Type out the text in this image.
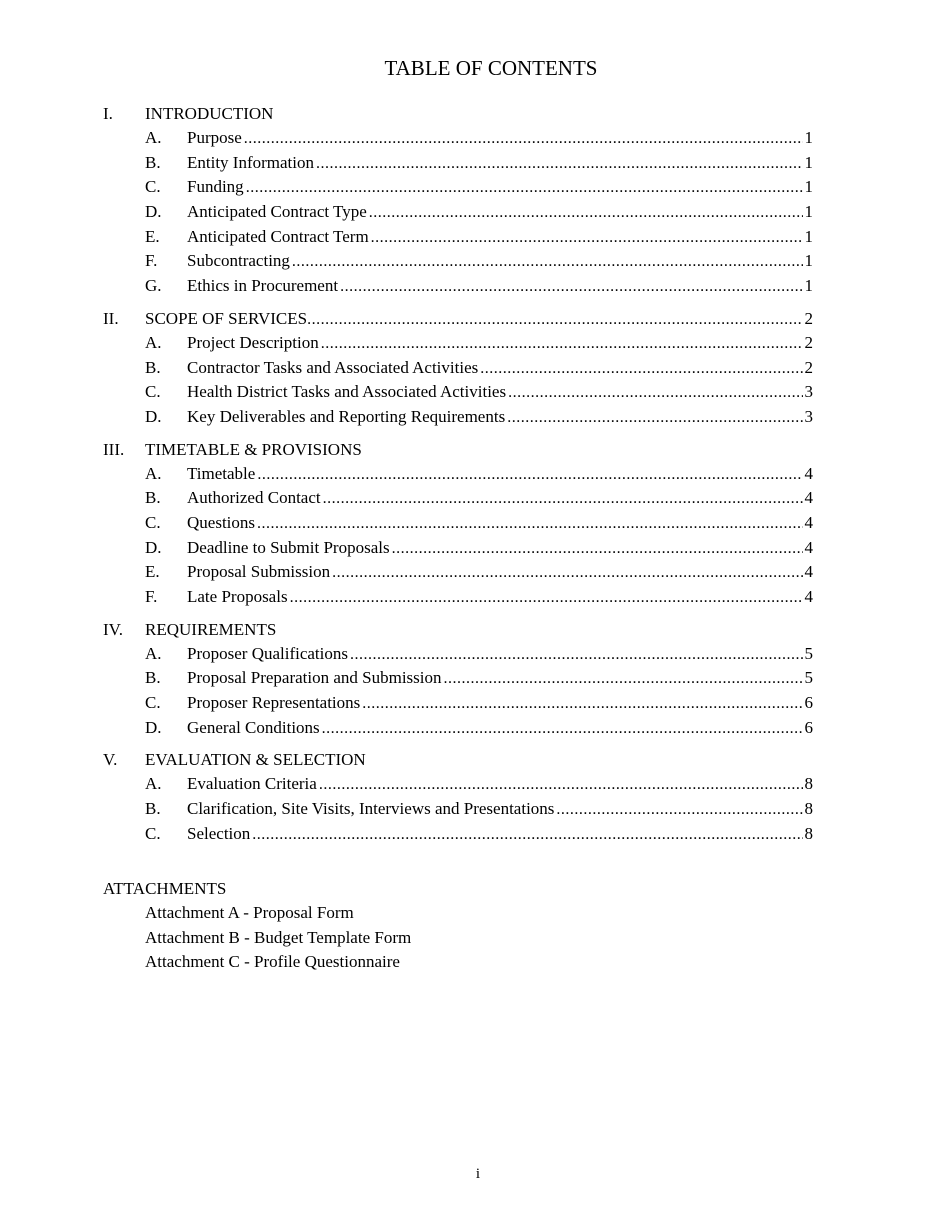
TABLE OF CONTENTS
I.	INTRODUCTION
A.	Purpose .....	1
B.	Entity Information .....	1
C.	Funding .....	1
D.	Anticipated Contract Type .....	1
E.	Anticipated Contract Term .....	1
F.	Subcontracting .....	1
G.	Ethics in Procurement .....	1
II.	SCOPE OF SERVICES .....	2
A.	Project Description .....	2
B.	Contractor Tasks and Associated Activities .....	2
C.	Health District Tasks and Associated Activities .....	3
D.	Key Deliverables and Reporting Requirements .....	3
III.	TIMETABLE & PROVISIONS
A.	Timetable .....	4
B.	Authorized Contact .....	4
C.	Questions .....	4
D.	Deadline to Submit Proposals .....	4
E.	Proposal Submission .....	4
F.	Late Proposals .....	4
IV.	REQUIREMENTS
A.	Proposer Qualifications .....	5
B.	Proposal Preparation and Submission .....	5
C.	Proposer Representations .....	6
D.	General Conditions .....	6
V.	EVALUATION & SELECTION
A.	Evaluation Criteria .....	8
B.	Clarification, Site Visits, Interviews and Presentations .....	8
C.	Selection .....	8
ATTACHMENTS
Attachment A - Proposal Form
Attachment B - Budget Template Form
Attachment C - Profile Questionnaire
i
